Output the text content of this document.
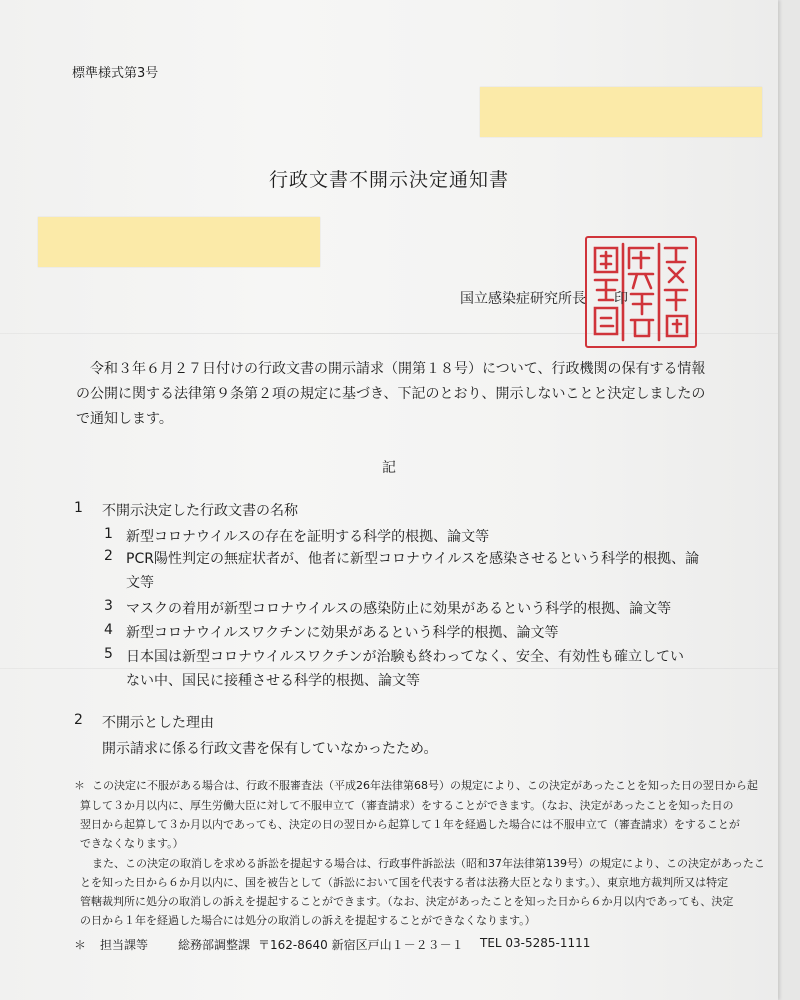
標準様式第3号
行政文書不開示決定通知書
国立感染症研究所長　　印
令和３年６月２７日付けの行政文書の開示請求（開第１８号）について、行政機関の保有する情報
の公開に関する法律第９条第２項の規定に基づき、下記のとおり、開示しないことと決定しましたの
で通知します。
記
1 不開示決定した行政文書の名称
1 新型コロナウイルスの存在を証明する科学的根拠、論文等
2 PCR陽性判定の無症状者が、他者に新型コロナウイルスを感染させるという科学的根拠、論
文等
3 マスクの着用が新型コロナウイルスの感染防止に効果があるという科学的根拠、論文等
4 新型コロナウイルスワクチンに効果があるという科学的根拠、論文等
5 日本国は新型コロナウイルスワクチンが治験も終わってなく、安全、有効性も確立してい
ない中、国民に接種させる科学的根拠、論文等
2 不開示とした理由
開示請求に係る行政文書を保有していなかったため。
＊ この決定に不服がある場合は、行政不服審査法（平成26年法律第68号）の規定により、この決定があったことを知った日の翌日から起
算して３か月以内に、厚生労働大臣に対して不服申立て（審査請求）をすることができます。（なお、決定があったことを知った日の
翌日から起算して３か月以内であっても、決定の日の翌日から起算して１年を経過した場合には不服申立て（審査請求）をすることが
できなくなります。）
また、この決定の取消しを求める訴訟を提起する場合は、行政事件訴訟法（昭和37年法律第139号）の規定により、この決定があったこ
とを知った日から６か月以内に、国を被告として（訴訟において国を代表する者は法務大臣となります。）、東京地方裁判所又は特定
管轄裁判所に処分の取消しの訴えを提起することができます。（なお、決定があったことを知った日から６か月以内であっても、決定
の日から１年を経過した場合には処分の取消しの訴えを提起することができなくなります。）
＊ 担当課等 総務部調整課 〒162-8640 新宿区戸山１－２３－１ TEL 03-5285-1111
